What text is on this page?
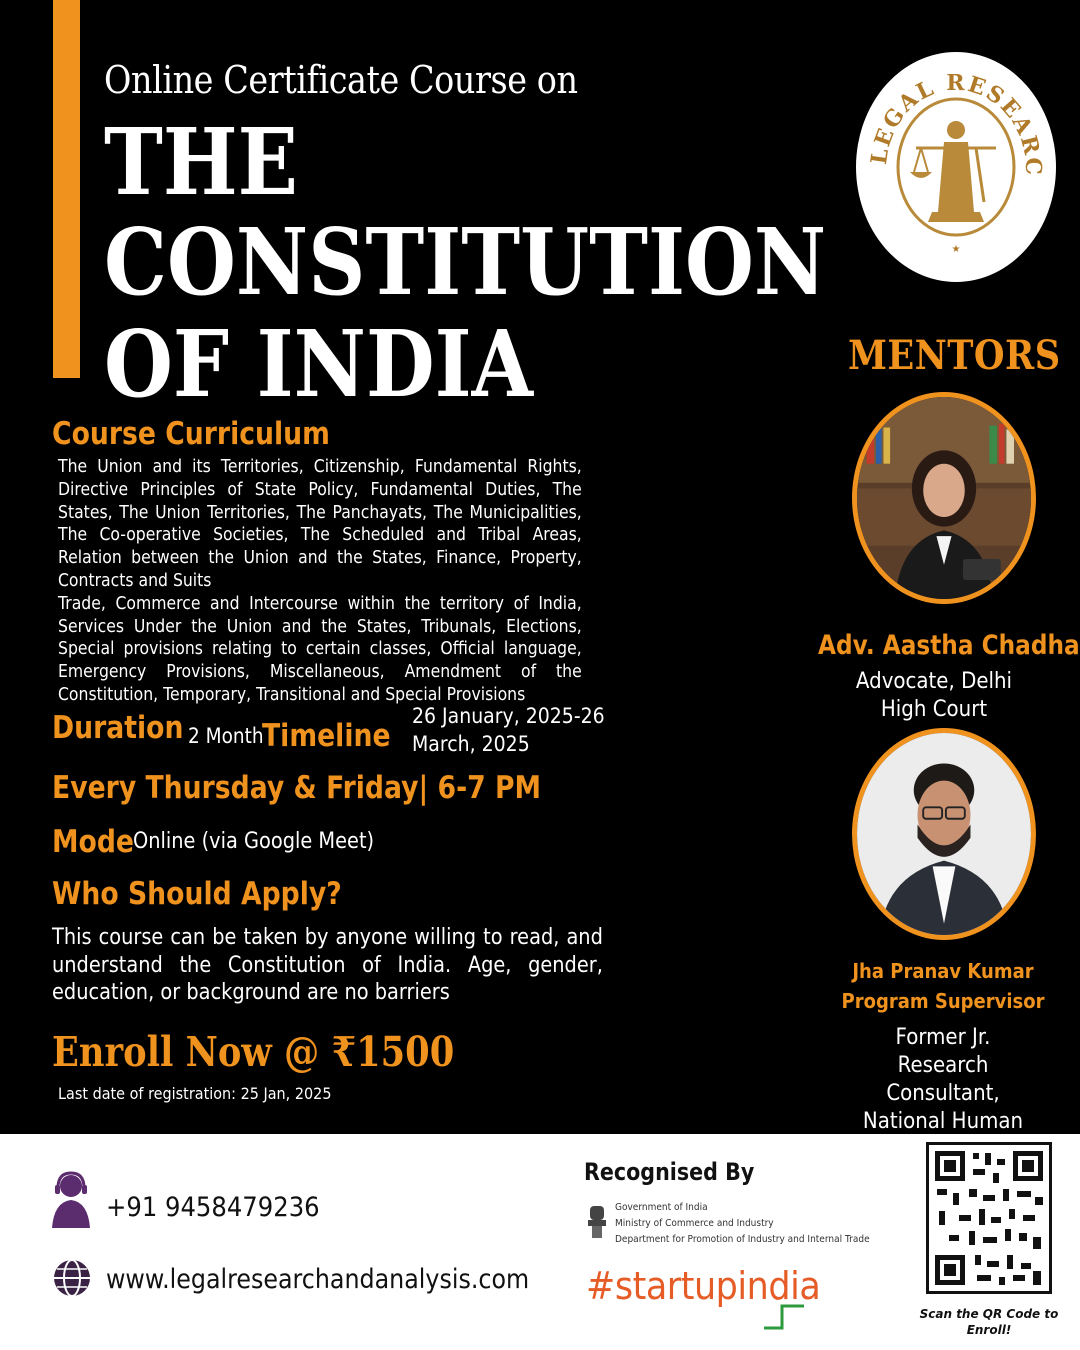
Online Certificate Course on
THE
CONSTITUTION
OF INDIA
LEGAL RESEARC
★
MENTORS
Adv. Aastha Chadha
Advocate, Delhi High Court
Jha Pranav Kumar Program Supervisor
Former Jr. Research Consultant, National Human
Course Curriculum

The Union and its Territories, Citizenship, Fundamental Rights, Directive Principles of State Policy, Fundamental Duties, The States, The Union Territories, The Panchayats, The Municipalities, The Co-operative Societies, The Scheduled and Tribal Areas, Relation between the Union and the States, Finance, Property, Contracts and Suits

Trade, Commerce and Intercourse within the territory of India, Services Under the Union and the States, Tribunals, Elections, Special provisions relating to certain classes, Official language, Emergency Provisions, Miscellaneous, Amendment of the Constitution, Temporary, Transitional and Special Provisions

Duration 2 Month
Timeline
26 January, 2025-26 March, 2025
Every Thursday & Friday| 6-7 PM
Mode
Online (via Google Meet)
Who Should Apply?
This course can be taken by anyone willing to read, and understand the Constitution of India. Age, gender, education, or background are no barriers
Enroll Now @ ₹1500
Last date of registration: 25 Jan, 2025
+91 9458479236
www.legalresearchandanalysis.com
Recognised By
Government of India
Ministry of Commerce and Industry
Department for Promotion of Industry and Internal Trade
#startupindia
Scan the QR Code to Enroll!
